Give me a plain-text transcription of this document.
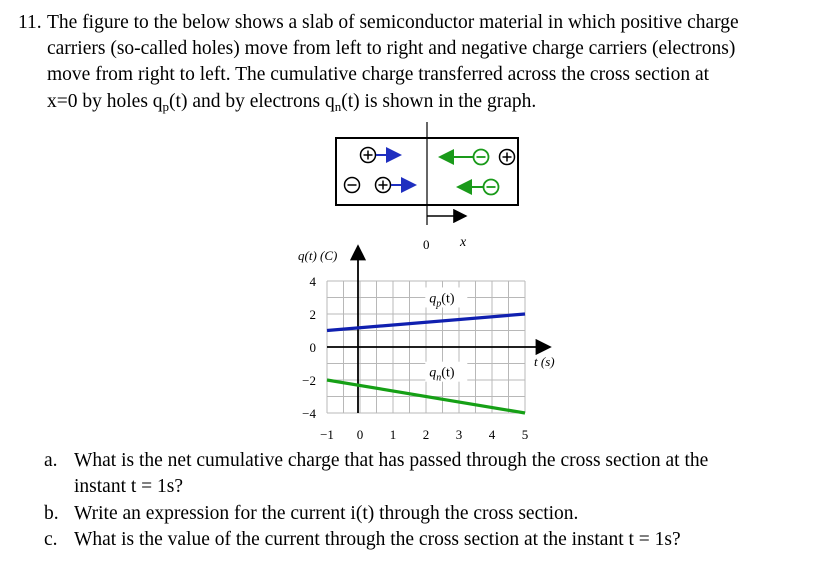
11. The figure to the below shows a slab of semiconductor material in which positive charge
carriers (so-called holes) move from left to right and negative charge carriers (electrons)
move from right to left. The cumulative charge transferred across the cross section at
x=0 by holes $q_p(t)$ and by electrons $q_n(t)$ is shown in the graph.
0 x
q(t) (C)
t (s)
−1 0 1 2 3 4 5
4
2
0
−2
−4
$q_p(t)$
$q_n(t)$
a. What is the net cumulative charge that has passed through the cross section at the
instant t = 1s?
b. Write an expression for the current i(t) through the cross section.
c. What is the value of the current through the cross section at the instant t = 1s?
